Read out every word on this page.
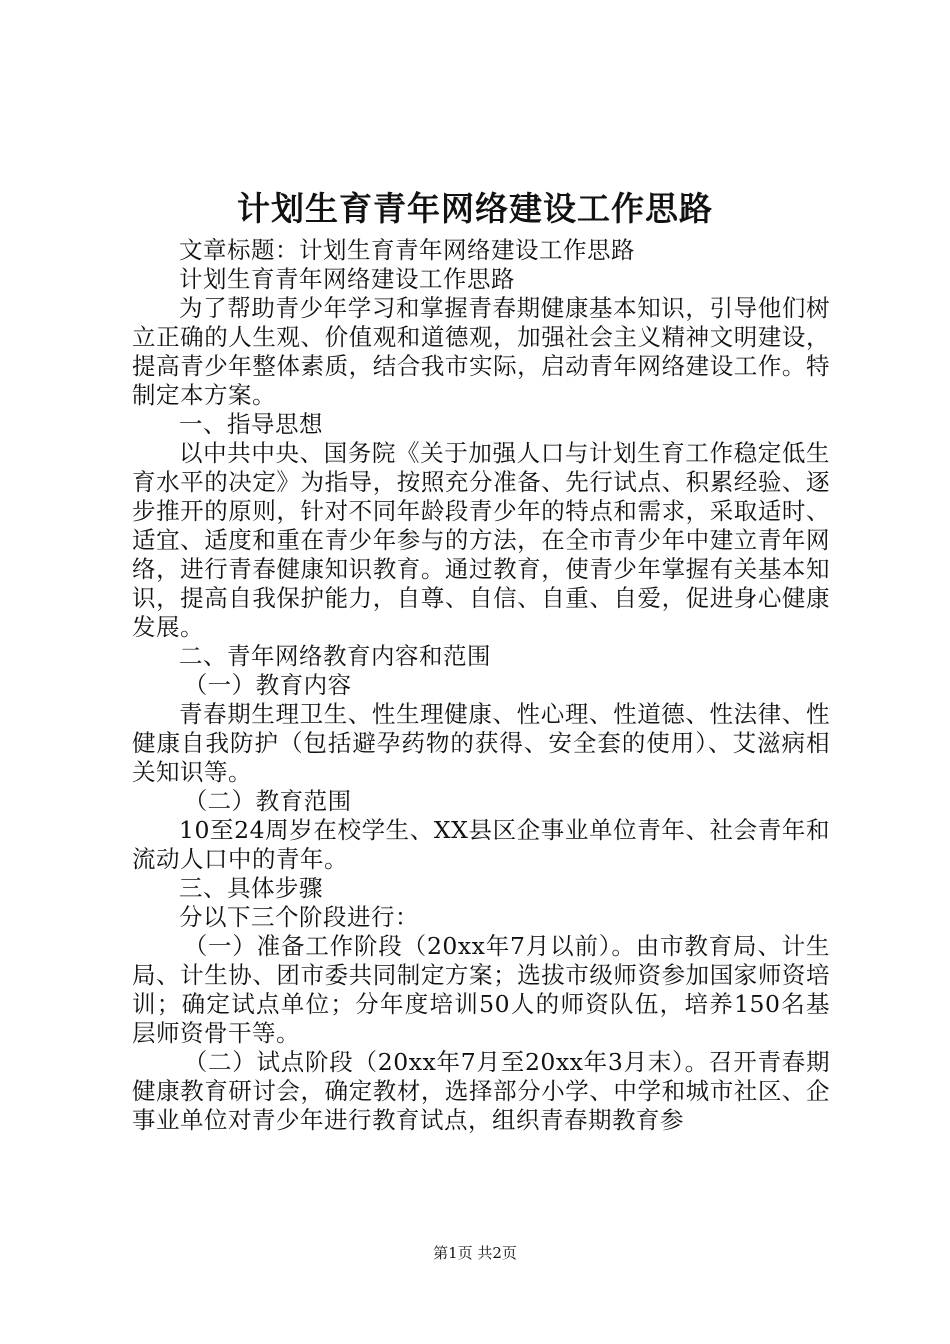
计划生育青年网络建设工作思路

文章标题：计划生育青年网络建设工作思路

计划生育青年网络建设工作思路

为了帮助青少年学习和掌握青春期健康基本知识，引导他们树立正确的人生观、价值观和道德观，加强社会主义精神文明建设，提高青少年整体素质，结合我市实际，启动青年网络建设工作。特制定本方案。

一、指导思想

以中共中央、国务院《关于加强人口与计划生育工作稳定低生育水平的决定》为指导，按照充分准备、先行试点、积累经验、逐步推开的原则，针对不同年龄段青少年的特点和需求，采取适时、适宜、适度和重在青少年参与的方法，在全市青少年中建立青年网络，进行青春健康知识教育。通过教育，使青少年掌握有关基本知识，提高自我保护能力，自尊、自信、自重、自爱，促进身心健康发展。

二、青年网络教育内容和范围

（一）教育内容

青春期生理卫生、性生理健康、性心理、性道德、性法律、性健康自我防护（包括避孕药物的获得、安全套的使用）、艾滋病相关知识等。

（二）教育范围

10至24周岁在校学生、XX县区企事业单位青年、社会青年和流动人口中的青年。

三、具体步骤

分以下三个阶段进行：

（一）准备工作阶段（20xx年7月以前）。由市教育局、计生局、计生协、团市委共同制定方案；选拔市级师资参加国家师资培训；确定试点单位；分年度培训50人的师资队伍，培养150名基层师资骨干等。

（二）试点阶段（20xx年7月至20xx年3月末）。召开青春期健康教育研讨会，确定教材，选择部分小学、中学和城市社区、企事业单位对青少年进行教育试点，组织青春期教育参

第1页 共2页
